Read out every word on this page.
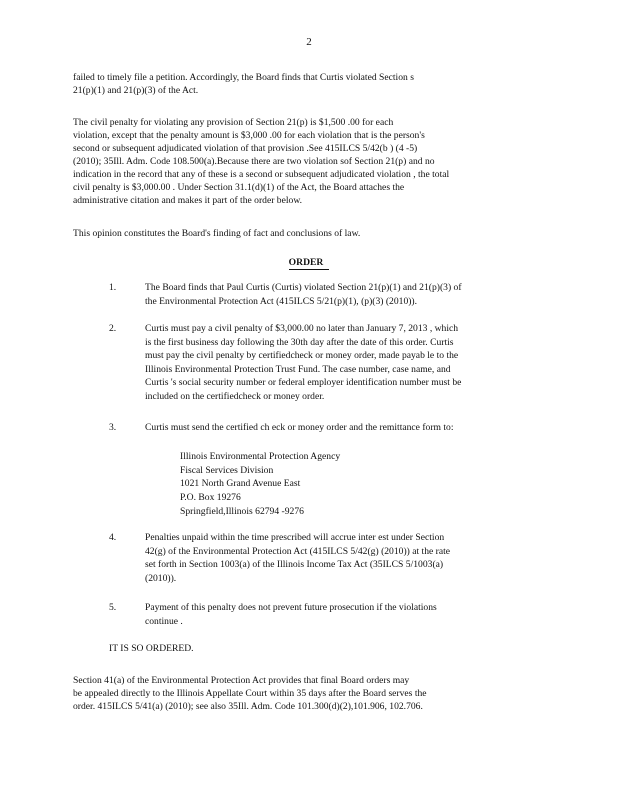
2
failed to timely file a petition. Accordingly, the Board finds that Curtis violated Section s
21(p)(1) and 21(p)(3) of the Act.
The civil penalty for violating any provision of Section 21(p) is $1,500 .00 for each
violation, except that the penalty amount is $3,000 .00 for each violation that is the person's
second or subsequent adjudicated violation of that provision .See 415ILCS 5/42(b ) (4 -5)
(2010); 35Ill. Adm. Code 108.500(a).Because there are two violation sof Section 21(p) and no
indication in the record that any of these is a second or subsequent adjudicated violation , the total
civil penalty is $3,000.00 . Under Section 31.1(d)(1) of the Act, the Board attaches the
administrative citation and makes it part of the order below.
This opinion constitutes the Board's finding of fact and conclusions of law.
ORDER
1.	The Board finds that Paul Curtis (Curtis) violated Section 21(p)(1) and 21(p)(3) of
the Environmental Protection Act (415ILCS 5/21(p)(1), (p)(3) (2010)).
2.	Curtis must pay a civil penalty of $3,000.00 no later than January 7, 2013 , which
is the first business day following the 30th day after the date of this order. Curtis
must pay the civil penalty by certifiedcheck or money order, made payab le to the
Illinois Environmental Protection Trust Fund. The case number, case name, and
Curtis 's social security number or federal employer identification number must be
included on the certifiedcheck or money order.
3.	Curtis must send the certified ch eck or money order and the remittance form to:
Illinois Environmental Protection Agency
Fiscal Services Division
1021 North Grand Avenue East
P.O. Box 19276
Springfield,Illinois 62794 -9276
4.	Penalties unpaid within the time prescribed will accrue inter est under Section
42(g) of the Environmental Protection Act (415ILCS 5/42(g) (2010)) at the rate
set forth in Section 1003(a) of the Illinois Income Tax Act (35ILCS 5/1003(a)
(2010)).
5.	Payment of this penalty does not prevent future prosecution if the violations
continue .
IT IS SO ORDERED.
Section 41(a) of the Environmental Protection Act provides that final Board orders may
be appealed directly to the Illinois Appellate Court within 35 days after the Board serves the
order. 415ILCS 5/41(a) (2010); see also 35Ill. Adm. Code 101.300(d)(2),101.906, 102.706.
